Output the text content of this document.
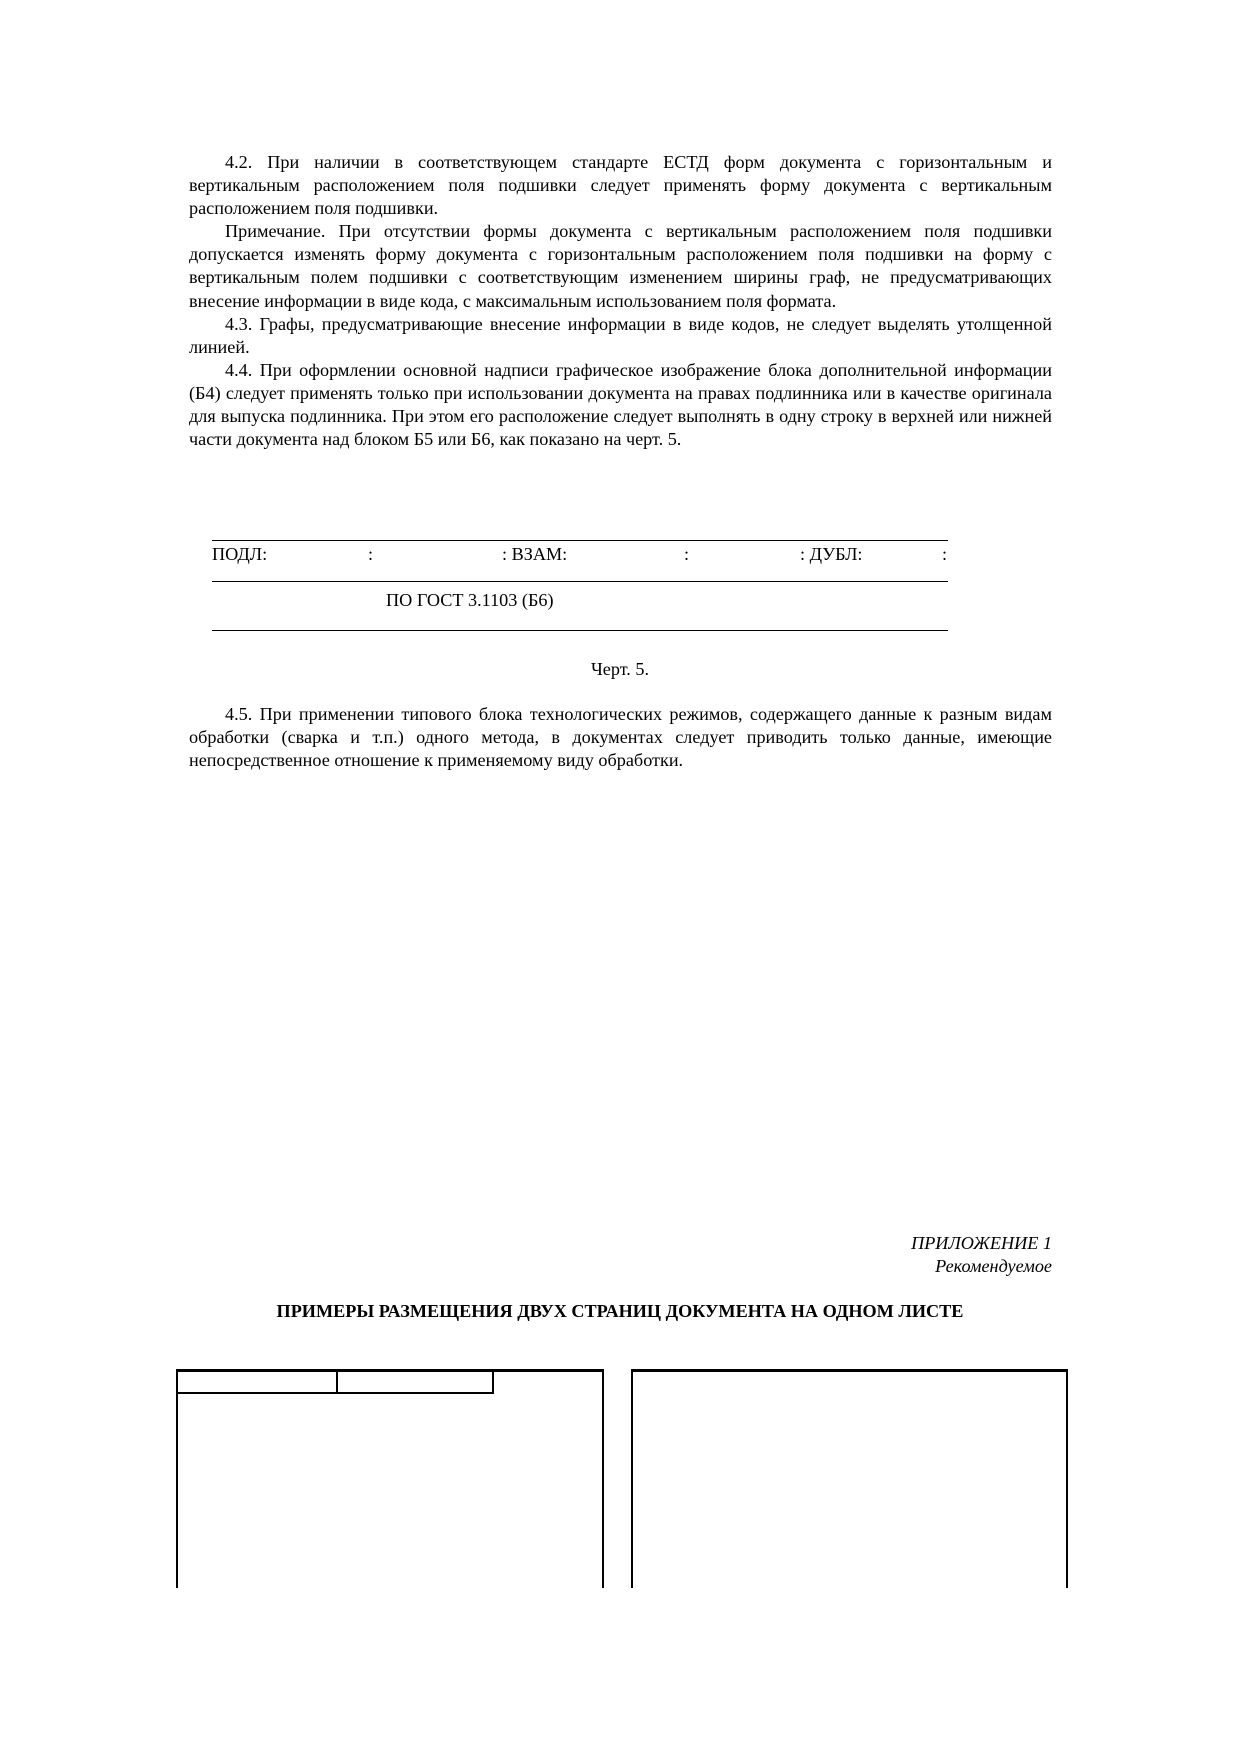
4.2. При наличии в соответствующем стандарте ЕСТД форм документа с горизонтальным и вертикальным расположением поля подшивки следует применять форму документа с вертикальным расположением поля подшивки.

Примечание. При отсутствии формы документа с вертикальным расположением поля подшивки допускается изменять форму документа с горизонтальным расположением поля подшивки на форму с вертикальным полем подшивки с соответствующим изменением ширины граф, не предусматривающих внесение информации в виде кода, с максимальным использованием поля формата.

4.3. Графы, предусматривающие внесение информации в виде кодов, не следует выделять утолщенной линией.

4.4. При оформлении основной надписи графическое изображение блока дополнительной информации (Б4) следует применять только при использовании документа на правах подлинника или в качестве оригинала для выпуска подлинника. При этом его расположение следует выполнять в одну строку в верхней или нижней части документа над блоком Б5 или Б6, как показано на черт. 5.

ПОДЛ:	:	: ВЗАМ:	:	: ДУБЛ:	:
ПО ГОСТ 3.1103 (Б6)
Черт. 5.

4.5. При применении типового блока технологических режимов, содержащего данные к разным видам обработки (сварка и т.п.) одного метода, в документах следует приводить только данные, имеющие непосредственное отношение к применяемому виду обработки.

ПРИЛОЖЕНИЕ 1
Рекомендуемое
ПРИМЕРЫ РАЗМЕЩЕНИЯ ДВУХ СТРАНИЦ ДОКУМЕНТА НА ОДНОМ ЛИСТЕ
